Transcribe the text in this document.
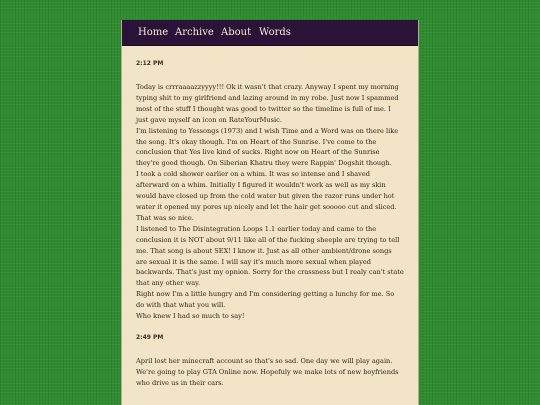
Home Archive About Words
2:12 PM

Today is crrraaaazzyyyy!!! Ok it wasn't that crazy. Anyway I spent my morning

typing shit to my girlfriend and lazing around in my robe. Just now I spammed

most of the stuff I thought was good to twitter so the timeline is full of me. I

just gave myself an icon on RateYourMusic.

I'm listening to Yessongs (1973) and I wish Time and a Word was on there like

the song. It's okay though. I'm on Heart of the Sunrise. I've come to the

conclusion that Yes live kind of sucks. Right now on Heart of the Sunrise

they're good though. On Siberian Khatru they were Rappin' Dogshit though.

I took a cold shower earlier on a whim. It was so intense and I shaved

afterward on a whim. Initially I figured it wouldn't work as well as my skin

would have closed up from the cold water but given the razor runs under hot

water it opened my pores up nicely and let the hair get sooooo cut and sliced.

That was so nice.

I listened to The Disintegration Loops 1.1 earlier today and came to the

conclusion it is NOT about 9/11 like all of the fucking sheeple are trying to tell

me. That song is about SEX! I know it. Just as all other ambient/drone songs

are sexual it is the same. I will say it's much more sexual when played

backwards. That's just my opnion. Sorry for the crassness but I realy can't state

that any other way.

Right now I'm a little hungry and I'm considering getting a lunchy for me. So

do with that what you will.

Who knew I had so much to say!

2:49 PM

April lost her minecraft account so that's so sad. One day we will play again.

We're going to play GTA Online now. Hopefuly we make lots of new boyfriends

who drive us in their cars.
